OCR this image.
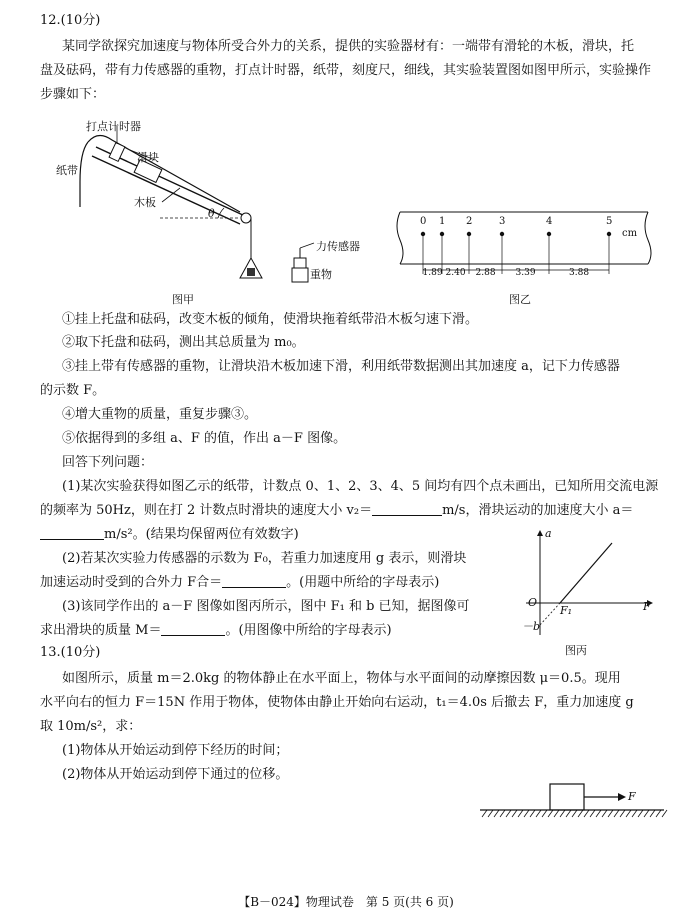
12.(10分)
某同学欲探究加速度与物体所受合外力的关系，提供的实验器材有：一端带有滑轮的木板，滑块，托
盘及砝码，带有力传感器的重物，打点计时器，纸带，刻度尺，细线，其实验装置图如图甲所示，实验操作
步骤如下：
打点计时器
纸带
滑块
木板
θ
力传感器
重物
图甲
0 1 2	3	4	5
1.89 2.40 2.88 3.39	3.88
cm
图乙
①挂上托盘和砝码，改变木板的倾角，使滑块拖着纸带沿木板匀速下滑。
②取下托盘和砝码，测出其总质量为 m₀。
③挂上带有传感器的重物，让滑块沿木板加速下滑，利用纸带数据测出其加速度 a，记下力传感器
的示数 F。
④增大重物的质量，重复步骤③。
⑤依据得到的多组 a、F 的值，作出 a－F 图像。
回答下列问题：
(1)某次实验获得如图乙示的纸带，计数点 0、1、2、3、4、5 间均有四个点未画出，已知所用交流电源
的频率为 50Hz，则在打 2 计数点时滑块的速度大小 v₂＝	m/s，滑块运动的加速度大小 a＝
m/s²。(结果均保留两位有效数字)
(2)若某次实验力传感器的示数为 F₀，若重力加速度用 g 表示，则滑块
加速运动时受到的合外力 F合＝	。(用题中所给的字母表示)
(3)该同学作出的 a－F 图像如图丙所示，图中 F₁ 和 b 已知，据图像可
求出滑块的质量 M＝	。(用图像中所给的字母表示)
a
F
O
F₁
－b
图丙
13.(10分)
如图所示，质量 m＝2.0kg 的物体静止在水平面上，物体与水平面间的动摩擦因数 μ＝0.5。现用
水平向右的恒力 F＝15N 作用于物体，使物体由静止开始向右运动，t₁＝4.0s 后撤去 F，重力加速度 g
取 10m/s²，求：
(1)物体从开始运动到停下经历的时间；
(2)物体从开始运动到停下通过的位移。
F
【B－024】物理试卷　第 5 页(共 6 页)
